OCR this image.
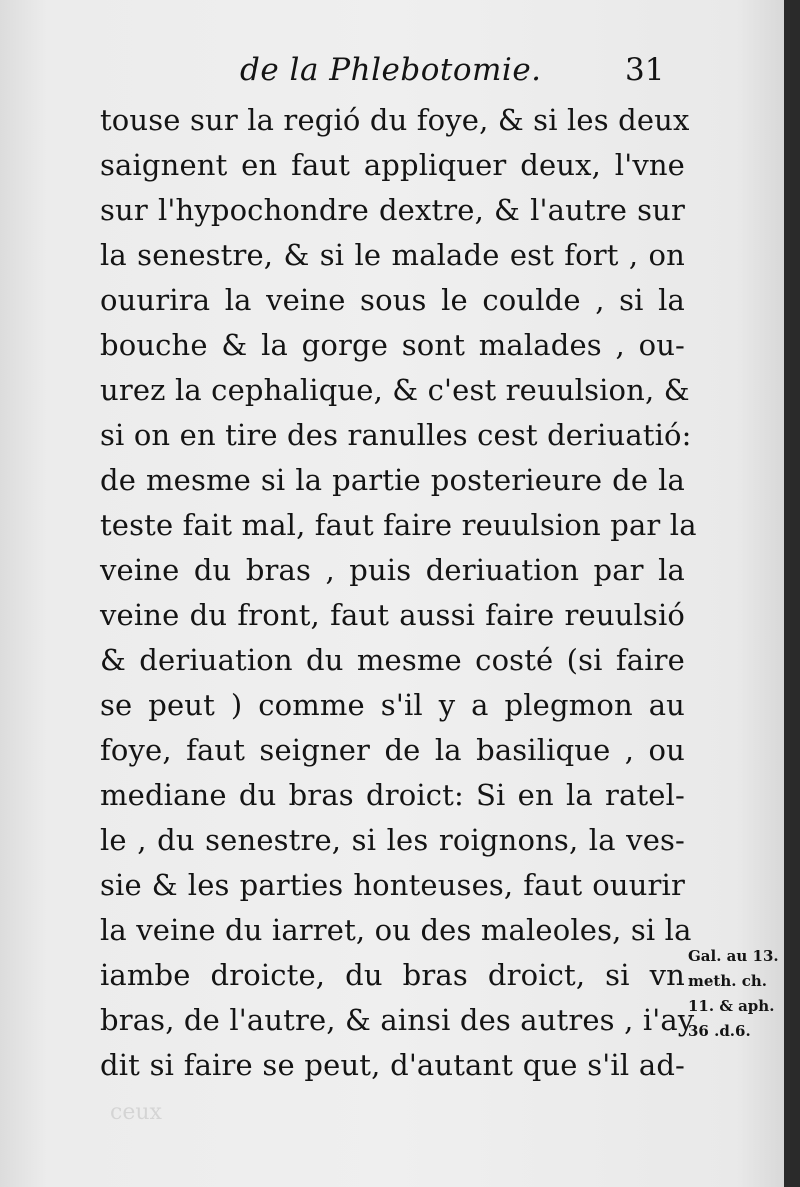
de la Phlebotomie.	31
touse sur la regió du foye, & si les deux
saignent en faut appliquer deux, l'vne
sur l'hypochondre dextre, & l'autre sur
la senestre, & si le malade est fort , on
ouurira la veine sous le coulde , si la
bouche & la gorge sont malades , ou-
urez la cephalique, & c'est reuulsion, &
si on en tire des ranulles cest deriuatió:
de mesme si la partie posterieure de la
teste fait mal, faut faire reuulsion par la
veine du bras , puis deriuation par la
veine du front, faut aussi faire reuulsió
& deriuation du mesme costé (si faire
se peut ) comme s'il y a plegmon au
foye, faut seigner de la basilique , ou
mediane du bras droict: Si en la ratel-
le , du senestre, si les roignons, la ves-
sie & les parties honteuses, faut ouurir
la veine du iarret, ou des maleoles, si la
iambe droicte, du bras droict, si vn
bras, de l'autre, & ainsi des autres , i'ay
dit si faire se peut, d'autant que s'il ad-
Gal. au 13.
meth. ch.
11. & aph.
36 .d.6.
ceux
